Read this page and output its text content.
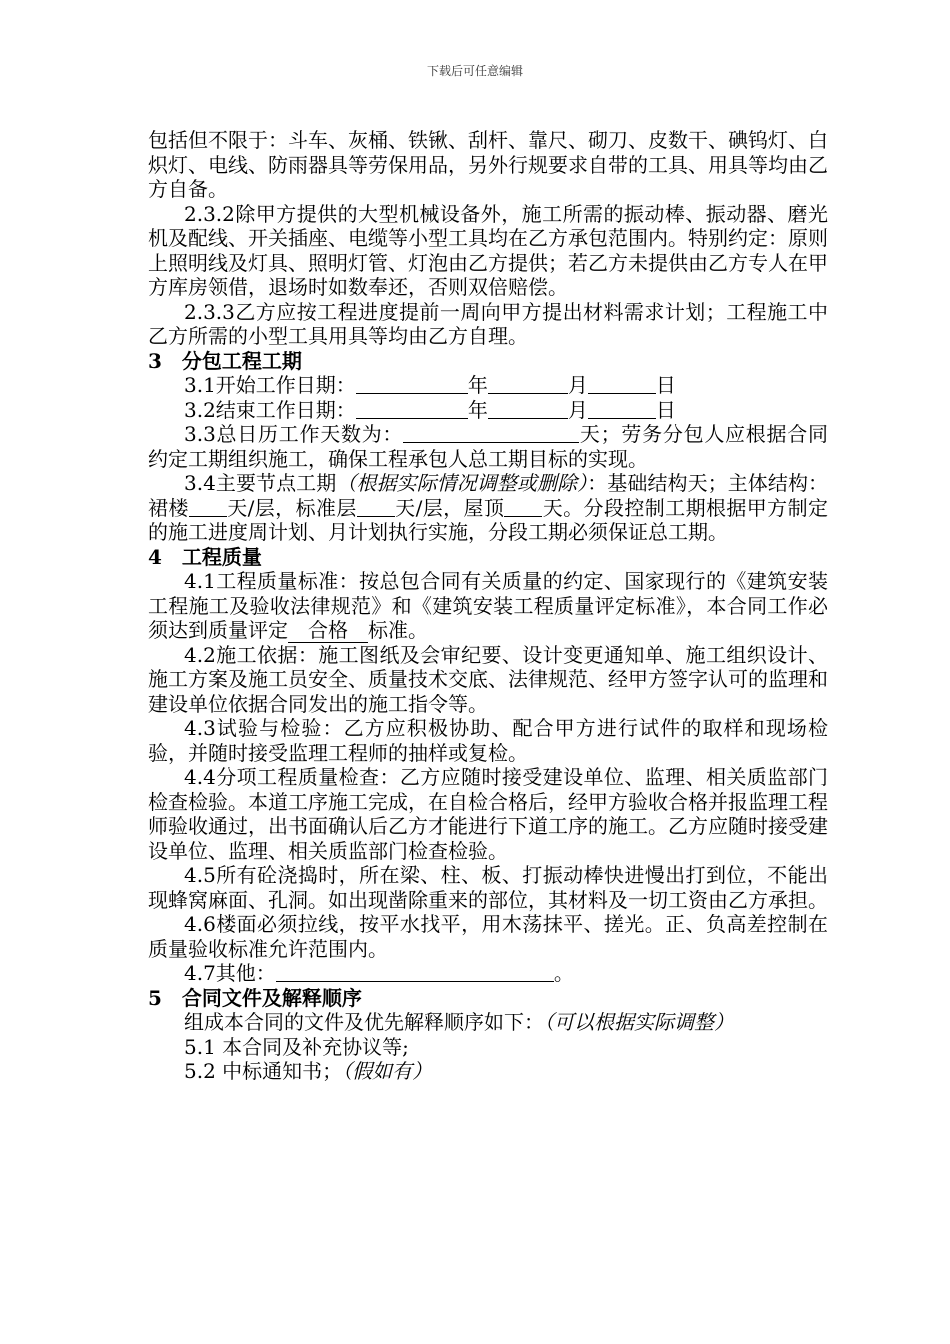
下载后可任意编辑

包括但不限于：斗车、灰桶、铁锹、刮杆、靠尺、砌刀、皮数干、碘钨灯、白炽灯、电线、防雨器具等劳保用品，另外行规要求自带的工具、用具等均由乙方自备。

2.3.2除甲方提供的大型机械设备外，施工所需的振动棒、振动器、磨光机及配线、开关插座、电缆等小型工具均在乙方承包范围内。特别约定：原则上照明线及灯具、照明灯管、灯泡由乙方提供；若乙方未提供由乙方专人在甲方库房领借，退场时如数奉还，否则双倍赔偿。

2.3.3乙方应按工程进度提前一周向甲方提出材料需求计划；工程施工中乙方所需的小型工具用具等均由乙方自理。

3　分包工程工期

3.1开始工作日期：	年	月	日

3.2结束工作日期：	年	月	日

3.3总日历工作天数为：	天；劳务分包人应根据合同约定工期组织施工，确保工程承包人总工期目标的实现。

3.4主要节点工期（根据实际情况调整或删除）：基础结构天；主体结构：裙楼 天/层，标准层 天/层，屋顶 天。分段控制工期根据甲方制定的施工进度周计划、月计划执行实施，分段工期必须保证总工期。

4　工程质量

4.1工程质量标准：按总包合同有关质量的约定、国家现行的《建筑安装工程施工及验收法律规范》和《建筑安装工程质量评定标准》，本合同工作必须达到质量评定　合格　标准。

4.2施工依据：施工图纸及会审纪要、设计变更通知单、施工组织设计、施工方案及施工员安全、质量技术交底、法律规范、经甲方签字认可的监理和建设单位依据合同发出的施工指令等。

4.3试验与检验：乙方应积极协助、配合甲方进行试件的取样和现场检验，并随时接受监理工程师的抽样或复检。

4.4分项工程质量检查：乙方应随时接受建设单位、监理、相关质监部门检查检验。本道工序施工完成，在自检合格后，经甲方验收合格并报监理工程师验收通过，出书面确认后乙方才能进行下道工序的施工。乙方应随时接受建设单位、监理、相关质监部门检查检验。

4.5所有砼浇捣时，所在梁、柱、板、打振动棒快进慢出打到位，不能出现蜂窝麻面、孔洞。如出现凿除重来的部位，其材料及一切工资由乙方承担。

4.6楼面必须拉线，按平水找平，用木荡抹平、搓光。正、负高差控制在质量验收标准允许范围内。

4.7其他：	。

5　合同文件及解释顺序

组成本合同的文件及优先解释顺序如下：（可以根据实际调整）

5.1 本合同及补充协议等;

5.2 中标通知书；（假如有）
